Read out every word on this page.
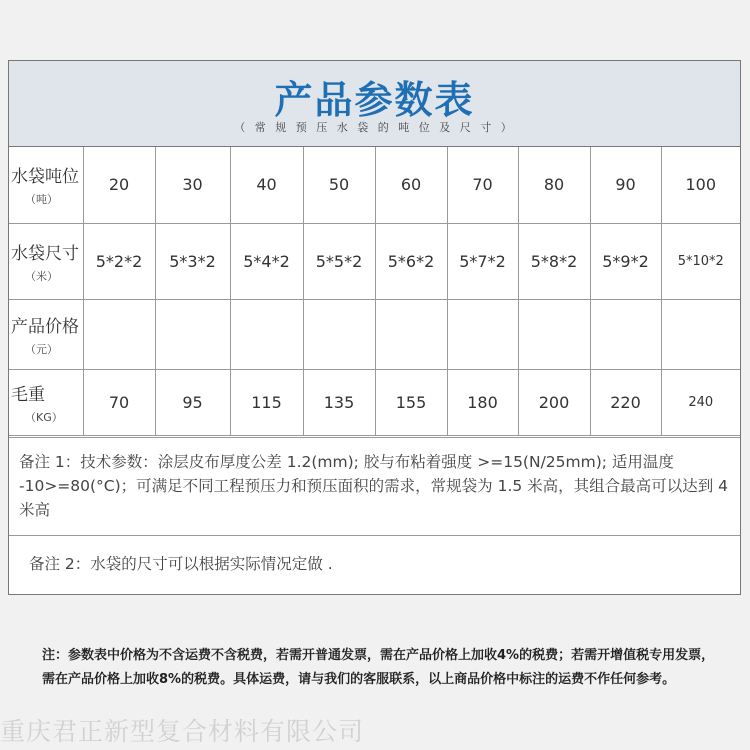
产品参数表
（ 常 规 预 压 水 袋 的 吨 位 及 尺 寸 ）
水袋吨位
（吨）	20	30	40	50	60	70	80	90	100

水袋尺寸
（米）	5*2*2	5*3*2	5*4*2	5*5*2	5*6*2	5*7*2	5*8*2	5*9*2	5*10*2

产品价格
（元）									

毛重
（KG）	70	95	115	135	155	180	200	220	240
备注 1：技术参数：涂层皮布厚度公差 1.2(mm); 胶与布粘着强度 >=15(N/25mm); 适用温度 -10>=80(°C)；可满足不同工程预压力和预压面积的需求，常规袋为 1.5 米高，其组合最高可以达到 4 米高
备注 2：水袋的尺寸可以根据实际情况定做 .
注：参数表中价格为不含运费不含税费，若需开普通发票，需在产品价格上加收4%的税费；若需开增值税专用发票，需在产品价格上加收8%的税费。具体运费，请与我们的客服联系，以上商品价格中标注的运费不作任何参考。
重庆君正新型复合材料有限公司
